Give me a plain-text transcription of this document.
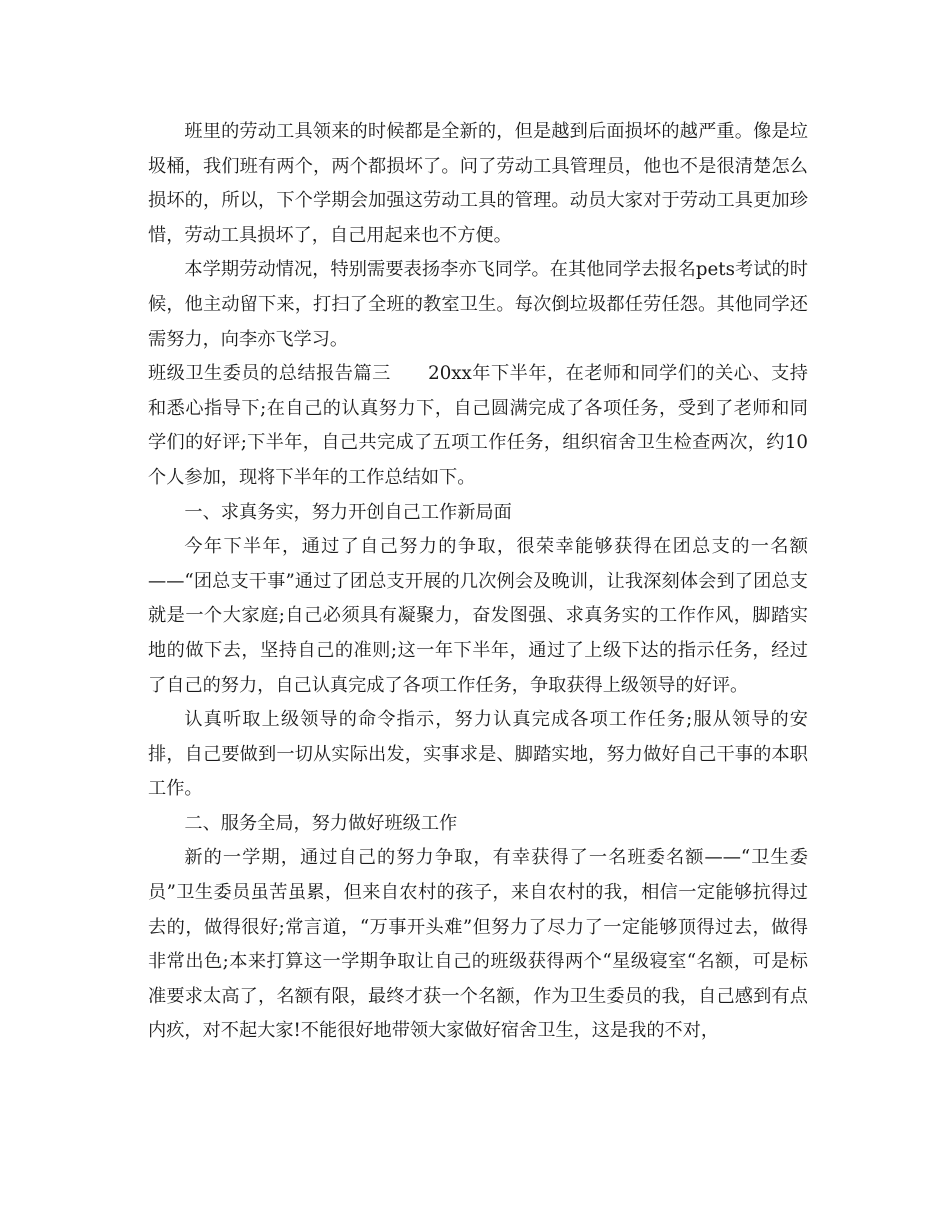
班里的劳动工具领来的时候都是全新的，但是越到后面损坏的越严重。像是垃圾桶，我们班有两个，两个都损坏了。问了劳动工具管理员，他也不是很清楚怎么损坏的，所以，下个学期会加强这劳动工具的管理。动员大家对于劳动工具更加珍惜，劳动工具损坏了，自己用起来也不方便。

本学期劳动情况，特别需要表扬李亦飞同学。在其他同学去报名pets考试的时候，他主动留下来，打扫了全班的教室卫生。每次倒垃圾都任劳任怨。其他同学还需努力，向李亦飞学习。

班级卫生委员的总结报告篇三　　20xx年下半年，在老师和同学们的关心、支持和悉心指导下;在自己的认真努力下，自己圆满完成了各项任务，受到了老师和同学们的好评;下半年，自己共完成了五项工作任务，组织宿舍卫生检查两次，约10个人参加，现将下半年的工作总结如下。

一、求真务实，努力开创自己工作新局面

今年下半年，通过了自己努力的争取，很荣幸能够获得在团总支的一名额——“团总支干事”通过了团总支开展的几次例会及晚训，让我深刻体会到了团总支就是一个大家庭;自己必须具有凝聚力，奋发图强、求真务实的工作作风，脚踏实地的做下去，坚持自己的准则;这一年下半年，通过了上级下达的指示任务，经过了自己的努力，自己认真完成了各项工作任务，争取获得上级领导的好评。

认真听取上级领导的命令指示，努力认真完成各项工作任务;服从领导的安排，自己要做到一切从实际出发，实事求是、脚踏实地，努力做好自己干事的本职工作。

二、服务全局，努力做好班级工作

新的一学期，通过自己的努力争取，有幸获得了一名班委名额——“卫生委员”卫生委员虽苦虽累，但来自农村的孩子，来自农村的我，相信一定能够抗得过去的，做得很好;常言道，“万事开头难”但努力了尽力了一定能够顶得过去，做得非常出色;本来打算这一学期争取让自己的班级获得两个“星级寝室“名额，可是标准要求太高了，名额有限，最终才获一个名额，作为卫生委员的我，自己感到有点内疚，对不起大家!不能很好地带领大家做好宿舍卫生，这是我的不对，
